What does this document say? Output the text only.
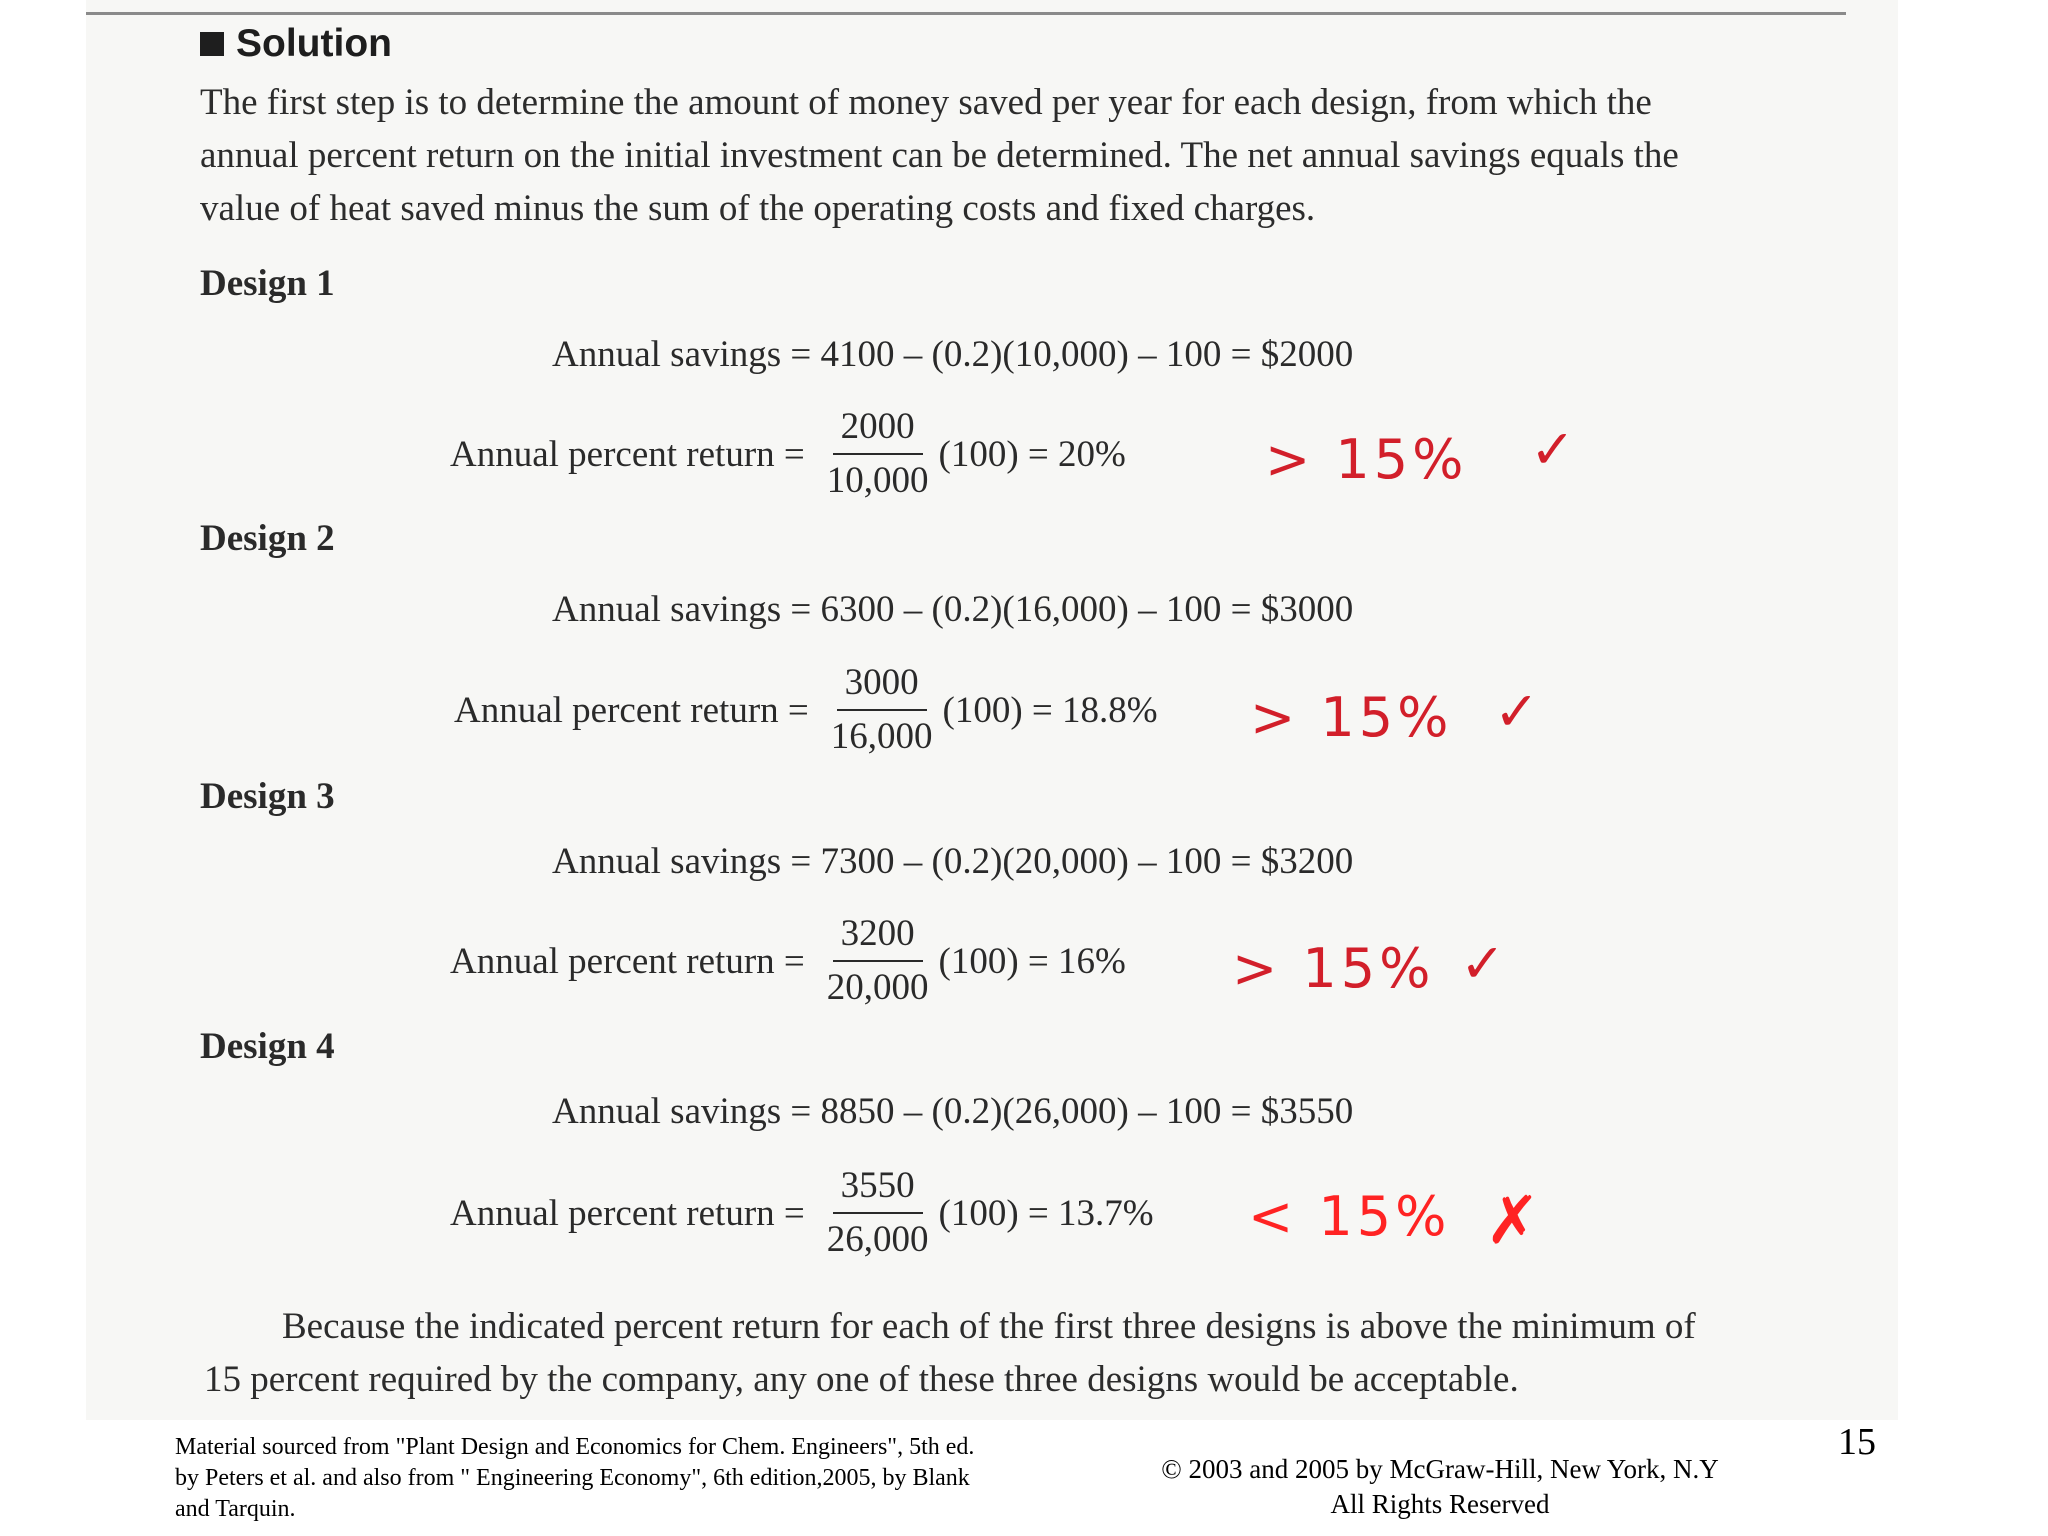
Solution
The first step is to determine the amount of money saved per year for each design, from which the
annual percent return on the initial investment can be determined. The net annual savings equals the
value of heat saved minus the sum of the operating costs and fixed charges.
Design 1
Annual savings = 4100 – (0.2)(10,000) – 100 = $2000
Annual percent return = $\frac{2000}{10,000} (100) = 20\%$	> 15% ✓
Design 2
Annual savings = 6300 – (0.2)(16,000) – 100 = $3000
Annual percent return = $\frac{3000}{16,000} (100) = 18.8\% > 15\%$ ✓
Design 3
Annual savings = 7300 – (0.2)(20,000) – 100 = $3200
Annual percent return = $\frac{3200}{20,000} (100) = 16\% > 15\%$ ✓
Design 4
Annual savings = 8850 – (0.2)(26,000) – 100 = $3550
Annual percent return = $\frac{3550}{26,000} (100) = 13.7\% < 15\%$ ✗
Because the indicated percent return for each of the first three designs is above the minimum of
15 percent required by the company, any one of these three designs would be acceptable.
Material sourced from "Plant Design and Economics for Chem. Engineers", 5th ed.
by Peters et al. and also from " Engineering Economy", 6th edition,2005, by Blank
and Tarquin.
© 2003 and 2005 by McGraw-Hill, New York, N.Y
All Rights Reserved
15
